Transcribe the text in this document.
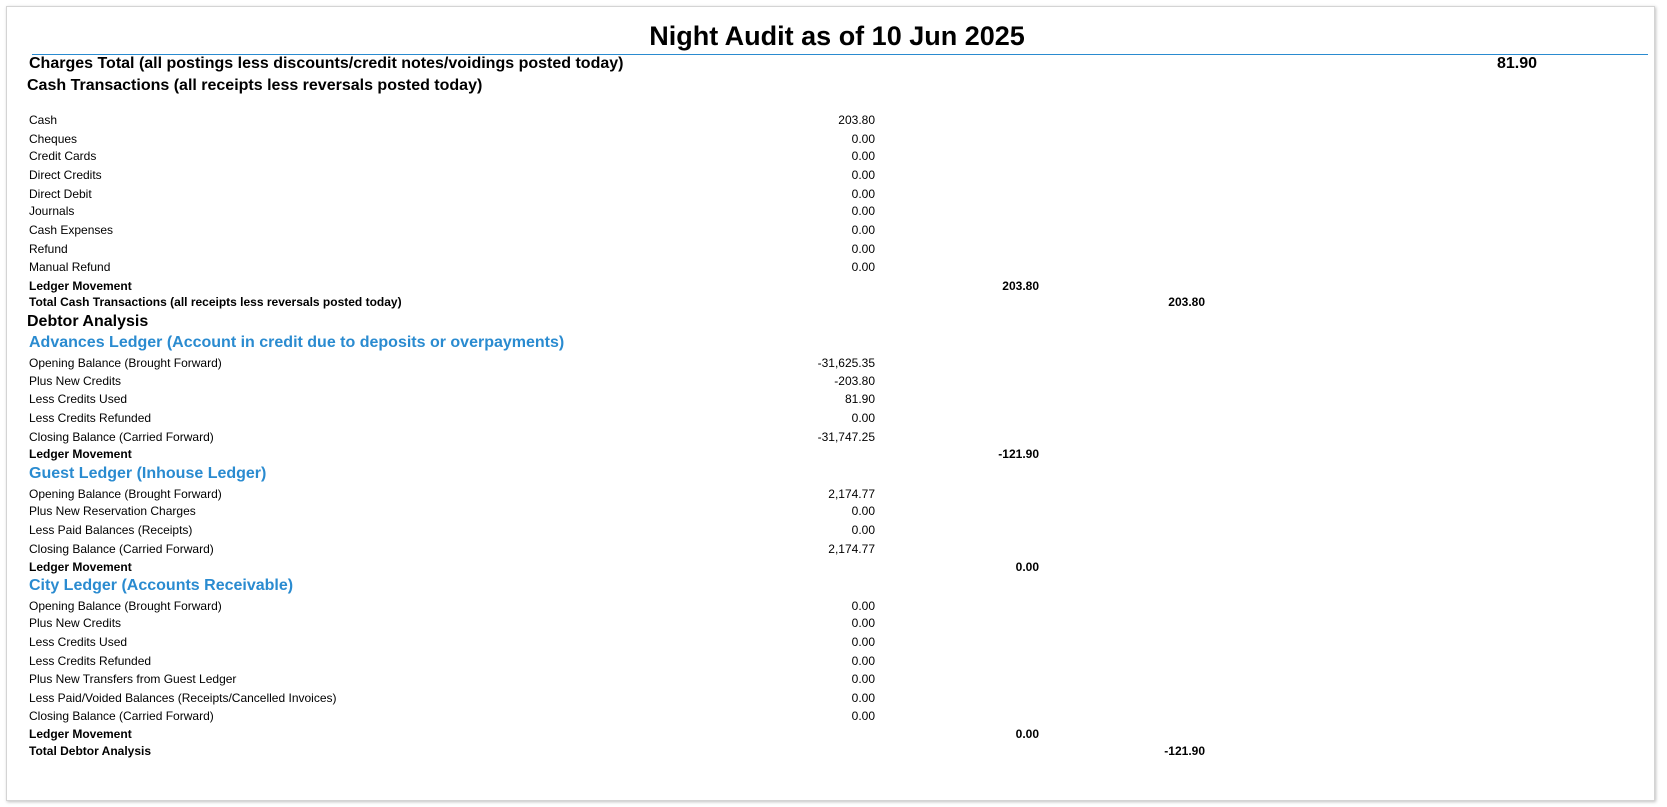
Night Audit as of 10 Jun 2025
Charges Total (all postings less discounts/credit notes/voidings posted today)	81.90
Cash Transactions (all receipts less reversals posted today)
Cash	203.80
Cheques	0.00
Credit Cards	0.00
Direct Credits	0.00
Direct Debit	0.00
Journals	0.00
Cash Expenses	0.00
Refund	0.00
Manual Refund	0.00
Ledger Movement	203.80
Total Cash Transactions (all receipts less reversals posted today)	203.80
Debtor Analysis
Advances Ledger (Account in credit due to deposits or overpayments)
Opening Balance (Brought Forward)	-31,625.35
Plus New Credits	-203.80
Less Credits Used	81.90
Less Credits Refunded	0.00
Closing Balance (Carried Forward)	-31,747.25
Ledger Movement	-121.90
Guest Ledger (Inhouse Ledger)
Opening Balance (Brought Forward)	2,174.77
Plus New Reservation Charges	0.00
Less Paid Balances (Receipts)	0.00
Closing Balance (Carried Forward)	2,174.77
Ledger Movement	0.00
City Ledger (Accounts Receivable)
Opening Balance (Brought Forward)	0.00
Plus New Credits	0.00
Less Credits Used	0.00
Less Credits Refunded	0.00
Plus New Transfers from Guest Ledger	0.00
Less Paid/Voided Balances (Receipts/Cancelled Invoices)	0.00
Closing Balance (Carried Forward)	0.00
Ledger Movement	0.00
Total Debtor Analysis	-121.90
